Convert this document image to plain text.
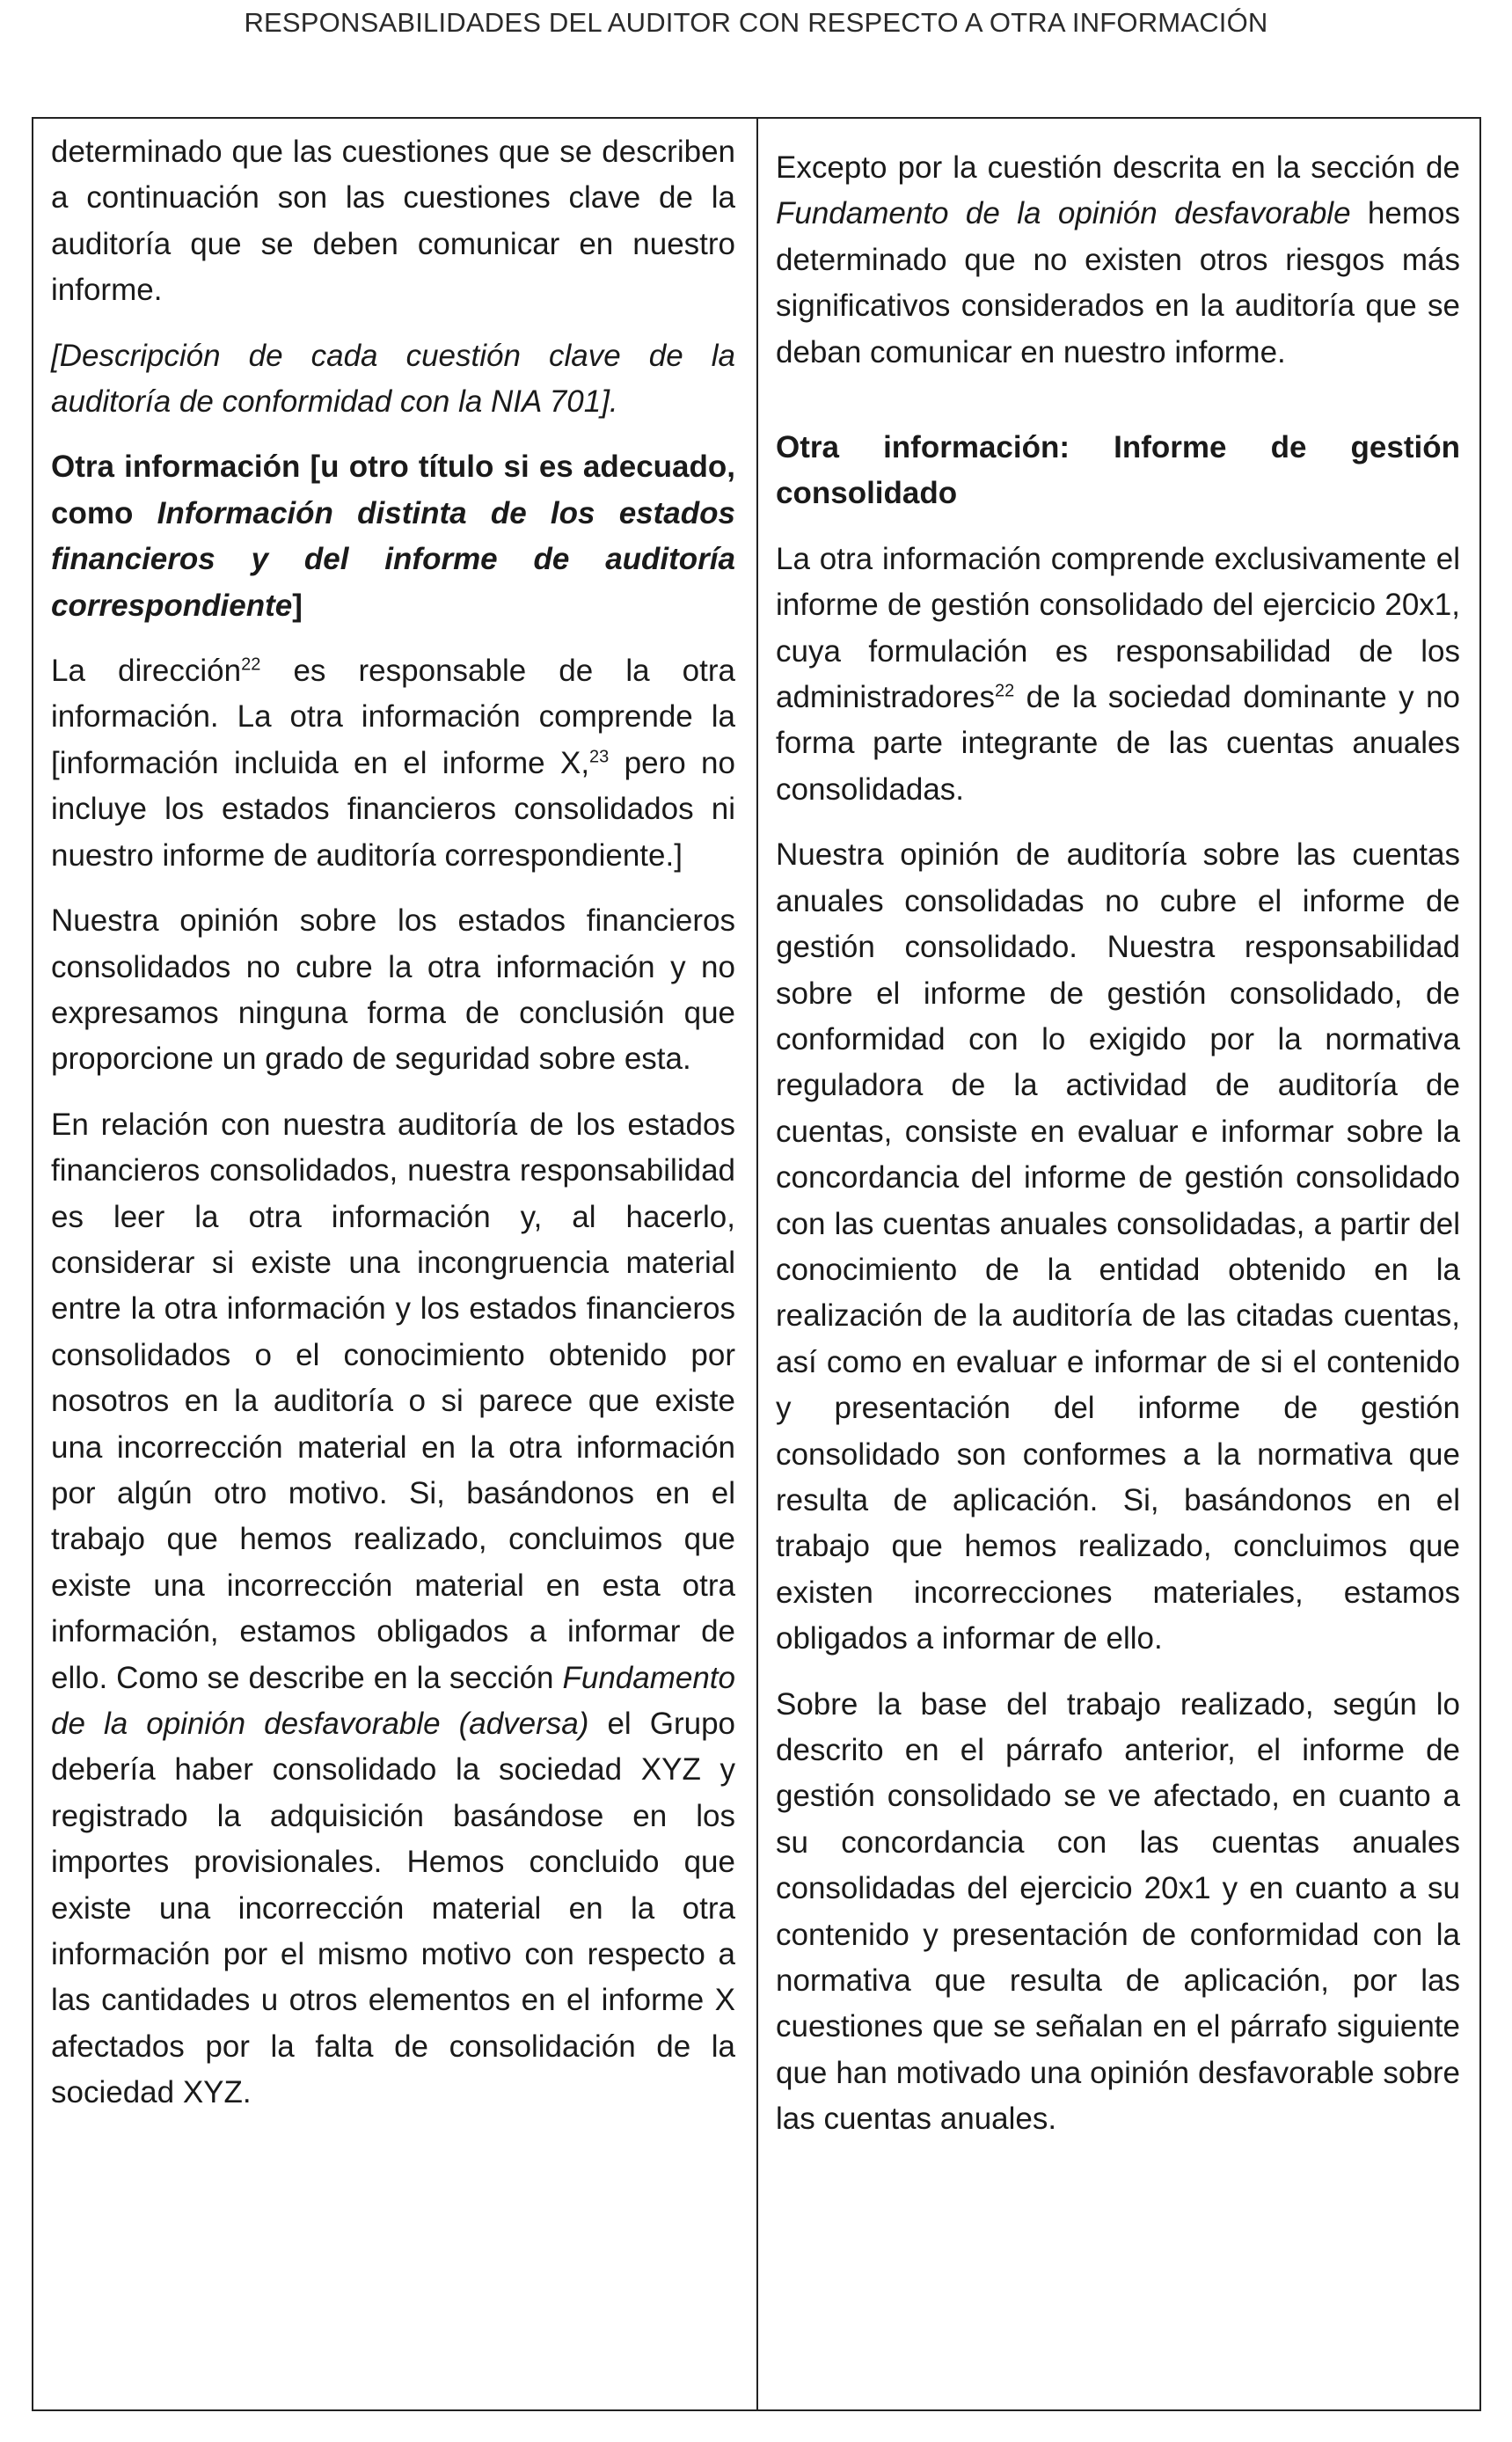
RESPONSABILIDADES DEL AUDITOR CON RESPECTO A OTRA INFORMACIÓN

determinado que las cuestiones que se describen a continuación son las cuestiones clave de la auditoría que se deben comunicar en nuestro informe.

[Descripción de cada cuestión clave de la auditoría de conformidad con la NIA 701].

Otra información [u otro título si es adecuado, como Información distinta de los estados financieros y del informe de auditoría correspondiente]

La dirección$^{22}$ es responsable de la otra información. La otra información comprende la [información incluida en el informe X,$^{23}$ pero no incluye los estados financieros consolidados ni nuestro informe de auditoría correspondiente.]

Nuestra opinión sobre los estados financieros consolidados no cubre la otra información y no expresamos ninguna forma de conclusión que proporcione un grado de seguridad sobre esta.

En relación con nuestra auditoría de los estados financieros consolidados, nuestra responsabilidad es leer la otra información y, al hacerlo, considerar si existe una incongruencia material entre la otra información y los estados financieros consolidados o el conocimiento obtenido por nosotros en la auditoría o si parece que existe una incorrección material en la otra información por algún otro motivo. Si, basándonos en el trabajo que hemos realizado, concluimos que existe una incorrección material en esta otra información, estamos obligados a informar de ello. Como se describe en la sección Fundamento de la opinión desfavorable (adversa) el Grupo debería haber consolidado la sociedad XYZ y registrado la adquisición basándose en los importes provisionales. Hemos concluido que existe una incorrección material en la otra información por el mismo motivo con respecto a las cantidades u otros elementos en el informe X afectados por la falta de consolidación de la sociedad XYZ.

Excepto por la cuestión descrita en la sección de Fundamento de la opinión desfavorable hemos determinado que no existen otros riesgos más significativos considerados en la auditoría que se deban comunicar en nuestro informe.

Otra información: Informe de gestión consolidado

La otra información comprende exclusivamente el informe de gestión consolidado del ejercicio 20x1, cuya formulación es responsabilidad de los administradores$^{22}$ de la sociedad dominante y no forma parte integrante de las cuentas anuales consolidadas.

Nuestra opinión de auditoría sobre las cuentas anuales consolidadas no cubre el informe de gestión consolidado. Nuestra responsabilidad sobre el informe de gestión consolidado, de conformidad con lo exigido por la normativa reguladora de la actividad de auditoría de cuentas, consiste en evaluar e informar sobre la concordancia del informe de gestión consolidado con las cuentas anuales consolidadas, a partir del conocimiento de la entidad obtenido en la realización de la auditoría de las citadas cuentas, así como en evaluar e informar de si el contenido y presentación del informe de gestión consolidado son conformes a la normativa que resulta de aplicación. Si, basándonos en el trabajo que hemos realizado, concluimos que existen incorrecciones materiales, estamos obligados a informar de ello.

Sobre la base del trabajo realizado, según lo descrito en el párrafo anterior, el informe de gestión consolidado se ve afectado, en cuanto a su concordancia con las cuentas anuales consolidadas del ejercicio 20x1 y en cuanto a su contenido y presentación de conformidad con la normativa que resulta de aplicación, por las cuestiones que se señalan en el párrafo siguiente que han motivado una opinión desfavorable sobre las cuentas anuales.
